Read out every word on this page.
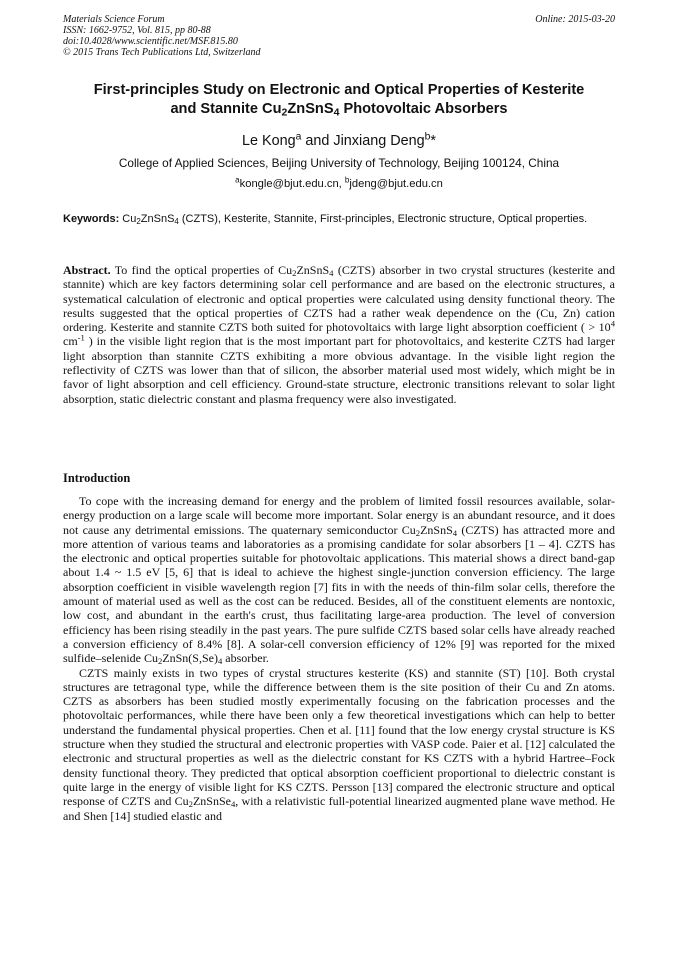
Materials Science Forum	Online: 2015-03-20
ISSN: 1662-9752, Vol. 815, pp 80-88
doi:10.4028/www.scientific.net/MSF.815.80
© 2015 Trans Tech Publications Ltd, Switzerland
First-principles Study on Electronic and Optical Properties of Kesterite
and Stannite $Cu_2ZnSnS_4$ Photovoltaic Absorbers
Le Kong$^a$ and Jinxiang Deng$^b$*
College of Applied Sciences, Beijing University of Technology, Beijing 100124, China
$^a$kongle@bjut.edu.cn, $^b$jdeng@bjut.edu.cn
Keywords: $Cu_2ZnSnS_4$ (CZTS), Kesterite, Stannite, First-principles, Electronic structure, Optical properties.

Abstract. To find the optical properties of $Cu_2ZnSnS_4$ (CZTS) absorber in two crystal structures (kesterite and stannite) which are key factors determining solar cell performance and are based on the electronic structures, a systematical calculation of electronic and optical properties were calculated using density functional theory. The results suggested that the optical properties of CZTS had a rather weak dependence on the (Cu, Zn) cation ordering. Kesterite and stannite CZTS both suited for photovoltaics with large light absorption coefficient ( > $10^4$ $cm^{-1}$ ) in the visible light region that is the most important part for photovoltaics, and kesterite CZTS had larger light absorption than stannite CZTS exhibiting a more obvious advantage. In the visible light region the reflectivity of CZTS was lower than that of silicon, the absorber material used most widely, which might be in favor of light absorption and cell efficiency. Ground-state structure, electronic transitions relevant to solar light absorption, static dielectric constant and plasma frequency were also investigated.

Introduction

To cope with the increasing demand for energy and the problem of limited fossil resources available, solar-energy production on a large scale will become more important. Solar energy is an abundant resource, and it does not cause any detrimental emissions. The quaternary semiconductor $Cu_2ZnSnS_4$ (CZTS) has attracted more and more attention of various teams and laboratories as a promising candidate for solar absorbers [1 – 4]. CZTS has the electronic and optical properties suitable for photovoltaic applications. This material shows a direct band-gap about 1.4 ~ 1.5 eV [5, 6] that is ideal to achieve the highest single-junction conversion efficiency. The large absorption coefficient in visible wavelength region [7] fits in with the needs of thin-film solar cells, therefore the amount of material used as well as the cost can be reduced. Besides, all of the constituent elements are nontoxic, low cost, and abundant in the earth's crust, thus facilitating large-area production. The level of conversion efficiency has been rising steadily in the past years. The pure sulfide CZTS based solar cells have already reached a conversion efficiency of 8.4% [8]. A solar-cell conversion efficiency of 12% [9] was reported for the mixed sulfide–selenide $Cu_2ZnSn(S,Se)_4$ absorber.

CZTS mainly exists in two types of crystal structures kesterite (KS) and stannite (ST) [10]. Both crystal structures are tetragonal type, while the difference between them is the site position of their Cu and Zn atoms. CZTS as absorbers has been studied mostly experimentally focusing on the fabrication processes and the photovoltaic performances, while there have been only a few theoretical investigations which can help to better understand the fundamental physical properties. Chen et al. [11] found that the low energy crystal structure is KS structure when they studied the structural and electronic properties with VASP code. Paier et al. [12] calculated the electronic and structural properties as well as the dielectric constant for KS CZTS with a hybrid Hartree–Fock density functional theory. They predicted that optical absorption coefficient proportional to dielectric constant is quite large in the energy of visible light for KS CZTS. Persson [13] compared the electronic structure and optical response of CZTS and $Cu_2ZnSnSe_4$, with a relativistic full-potential linearized augmented plane wave method. He and Shen [14] studied elastic and
